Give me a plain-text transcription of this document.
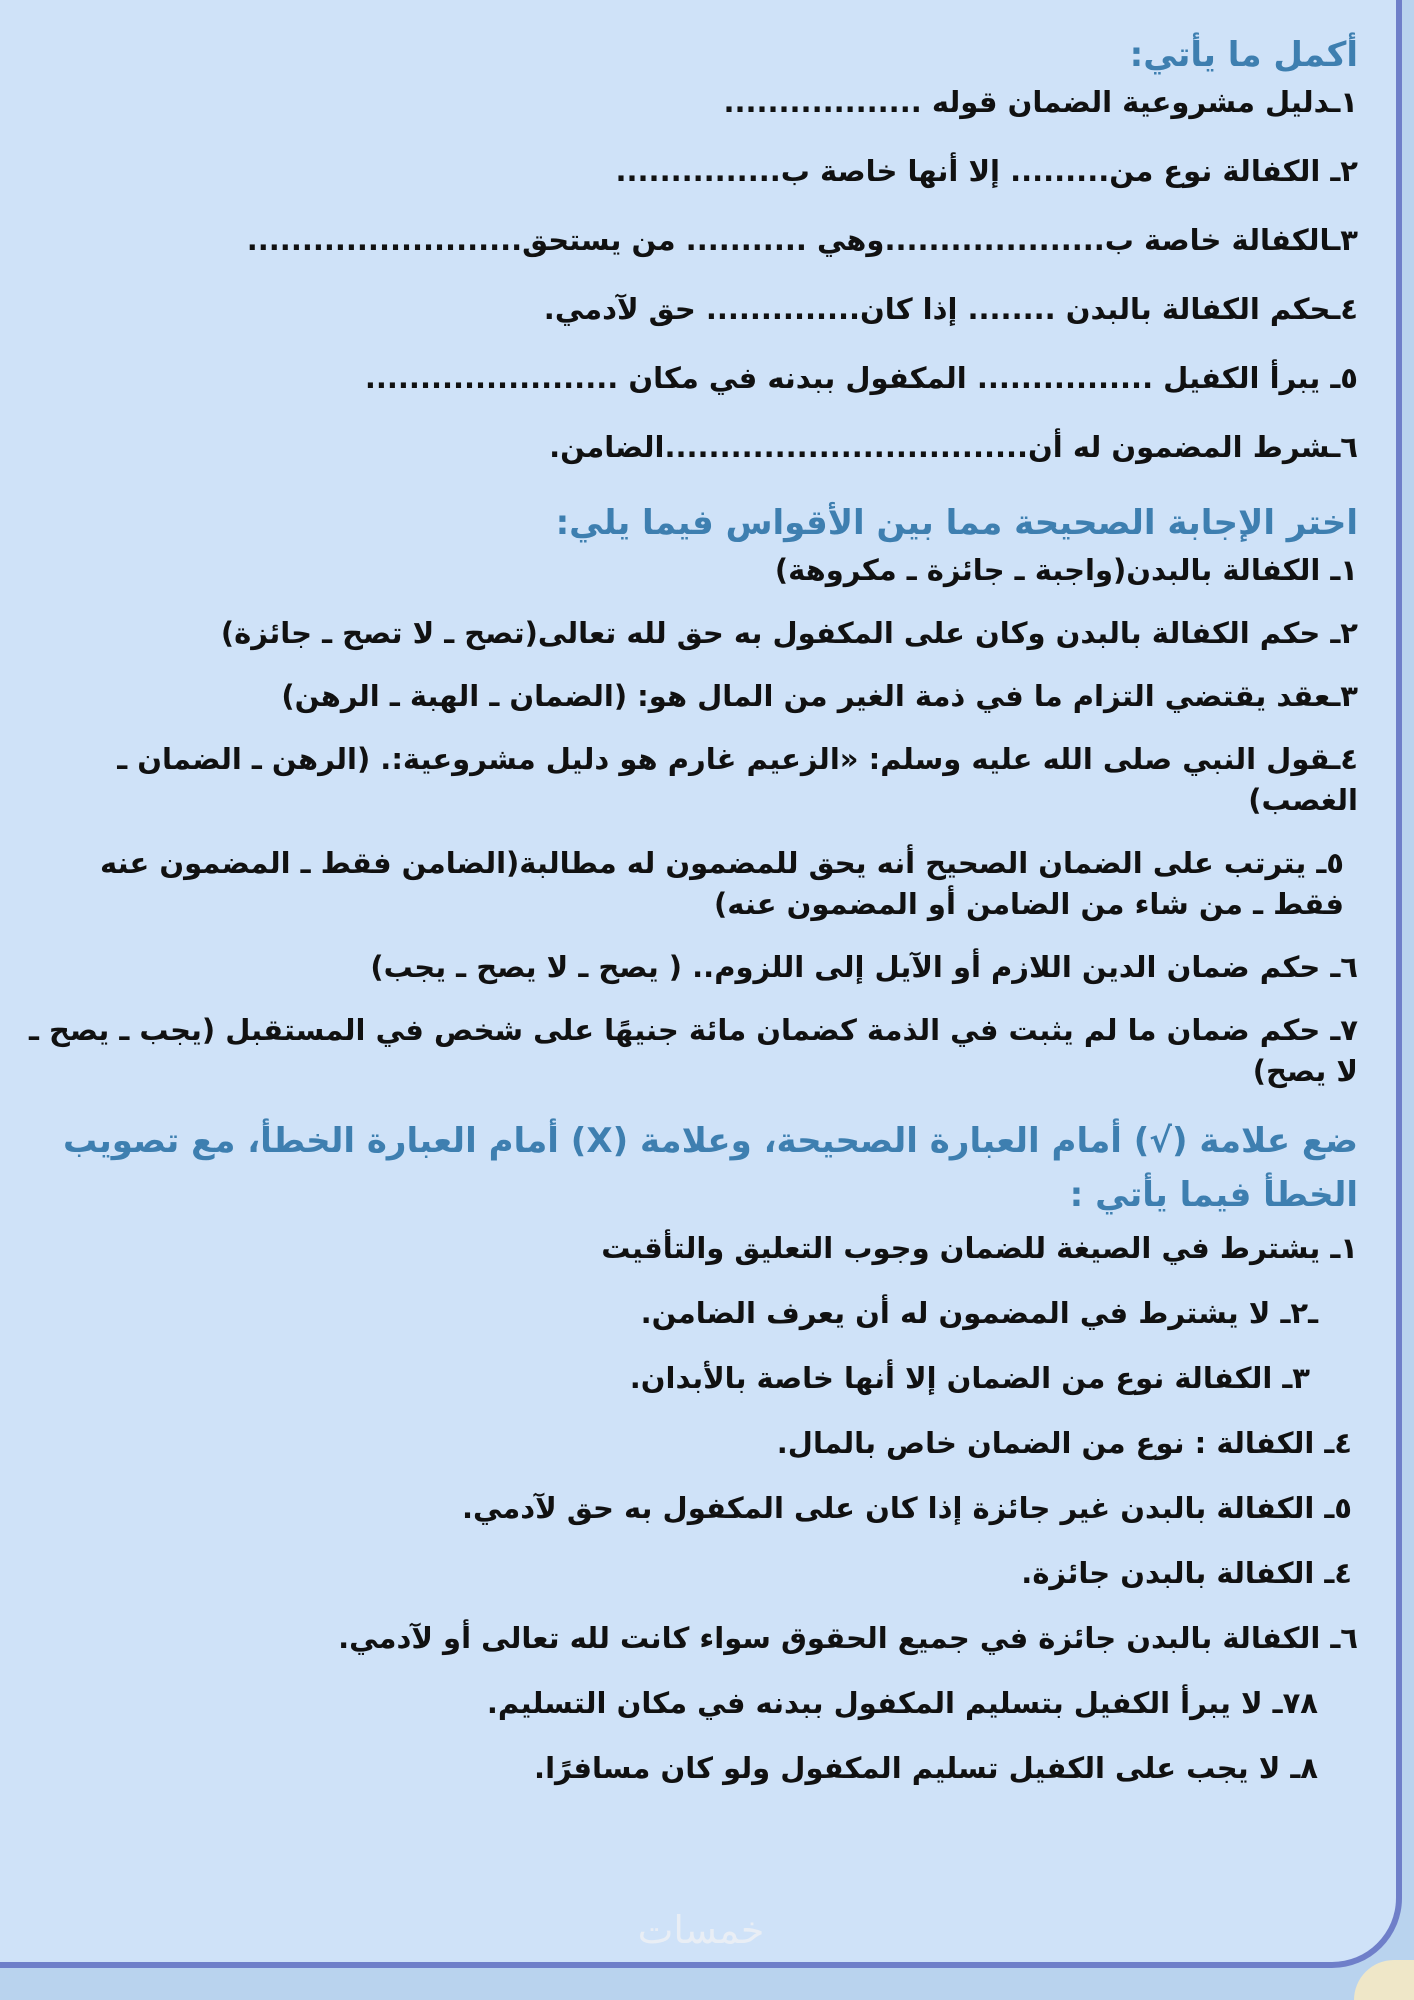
أكمل ما يأتي:

١ـدليل مشروعية الضمان قوله ..................

٢ـ الكفالة نوع من......... إلا أنها خاصة ب...............

٣ـالكفالة خاصة ب....................وهي ........... من يستحق.........................

٤ـحكم الكفالة بالبدن ........ إذا كان.............. حق لآدمي.

٥ـ يبرأ الكفيل ................ المكفول ببدنه في مكان .......................

٦ـشرط المضمون له أن.................................الضامن.

اختر الإجابة الصحيحة مما بين الأقواس فيما يلي:

١ـ الكفالة بالبدن(واجبة ـ جائزة ـ مكروهة)

٢ـ حكم الكفالة بالبدن وكان على المكفول به حق لله تعالى(تصح ـ لا تصح ـ جائزة)

٣ـعقد يقتضي التزام ما في ذمة الغير من المال هو: (الضمان ـ الهبة ـ الرهن)

٤ـقول النبي صلى الله عليه وسلم: «الزعيم غارم هو دليل مشروعية:. (الرهن ـ الضمان ـ الغصب)

٥ـ يترتب على الضمان الصحيح أنه يحق للمضمون له مطالبة(الضامن فقط ـ المضمون عنه فقط ـ من شاء من الضامن أو المضمون عنه)

٦ـ حكم ضمان الدين اللازم أو الآيل إلى اللزوم.. ( يصح ـ لا يصح ـ يجب)

٧ـ حكم ضمان ما لم يثبت في الذمة كضمان مائة جنيهًا على شخص في المستقبل (يجب ـ يصح ـ لا يصح)

ضع علامة (√) أمام العبارة الصحيحة، وعلامة (X) أمام العبارة الخطأ، مع تصويب الخطأ فيما يأتي :

١ـ يشترط في الصيغة للضمان وجوب التعليق والتأقيت

ـ٢ـ لا يشترط في المضمون له أن يعرف الضامن.

٣ـ الكفالة نوع من الضمان إلا أنها خاصة بالأبدان.

٤ـ الكفالة : نوع من الضمان خاص بالمال.

٥ـ الكفالة بالبدن غير جائزة إذا كان على المكفول به حق لآدمي.

٤ـ الكفالة بالبدن جائزة.

٦ـ الكفالة بالبدن جائزة في جميع الحقوق سواء كانت لله تعالى أو لآدمي.

٧٨ـ لا يبرأ الكفيل بتسليم المكفول ببدنه في مكان التسليم.

٨ـ لا يجب على الكفيل تسليم المكفول ولو كان مسافرًا.

خمسات
